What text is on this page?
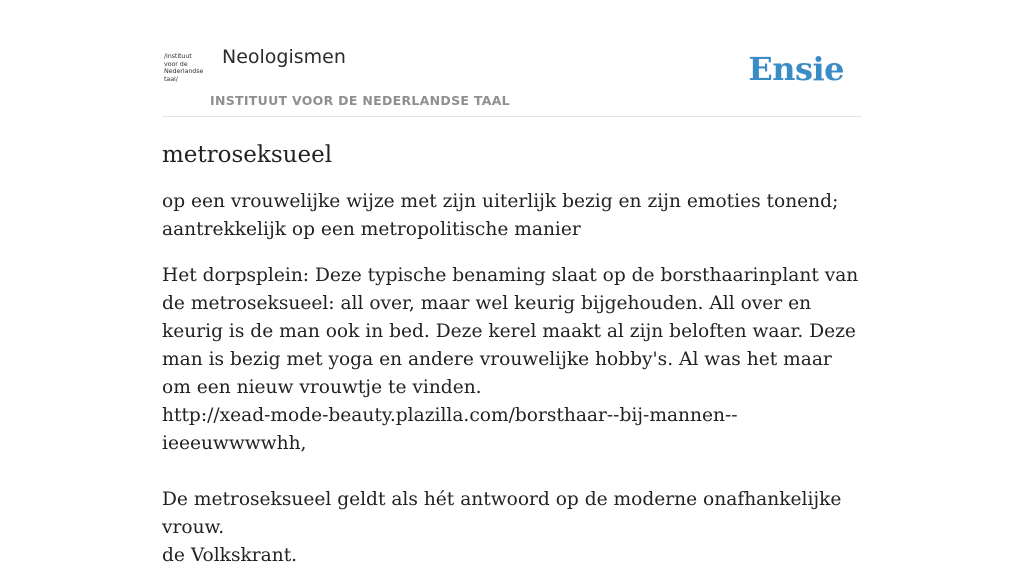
/instituut
voor de
Nederlandse
taal/
Neologismen
INSTITUUT VOOR DE NEDERLANDSE TAAL
Ensie
metroseksueel

op een vrouwelijke wijze met zijn uiterlijk bezig en zijn emoties tonend; aantrekkelijk op een metropolitische manier

Het dorpsplein: Deze typische benaming slaat op de borsthaarinplant van de metroseksueel: all over, maar wel keurig bijgehouden. All over en keurig is de man ook in bed. Deze kerel maakt al zijn beloften waar. Deze man is bezig met yoga en andere vrouwelijke hobby's. Al was het maar om een nieuw vrouwtje te vinden.
http://xead-mode-beauty.plazilla.com/borsthaar--bij-mannen--ieeeuwwwwhh,

De metroseksueel geldt als hét antwoord op de moderne onafhankelijke vrouw.
de Volkskrant.
